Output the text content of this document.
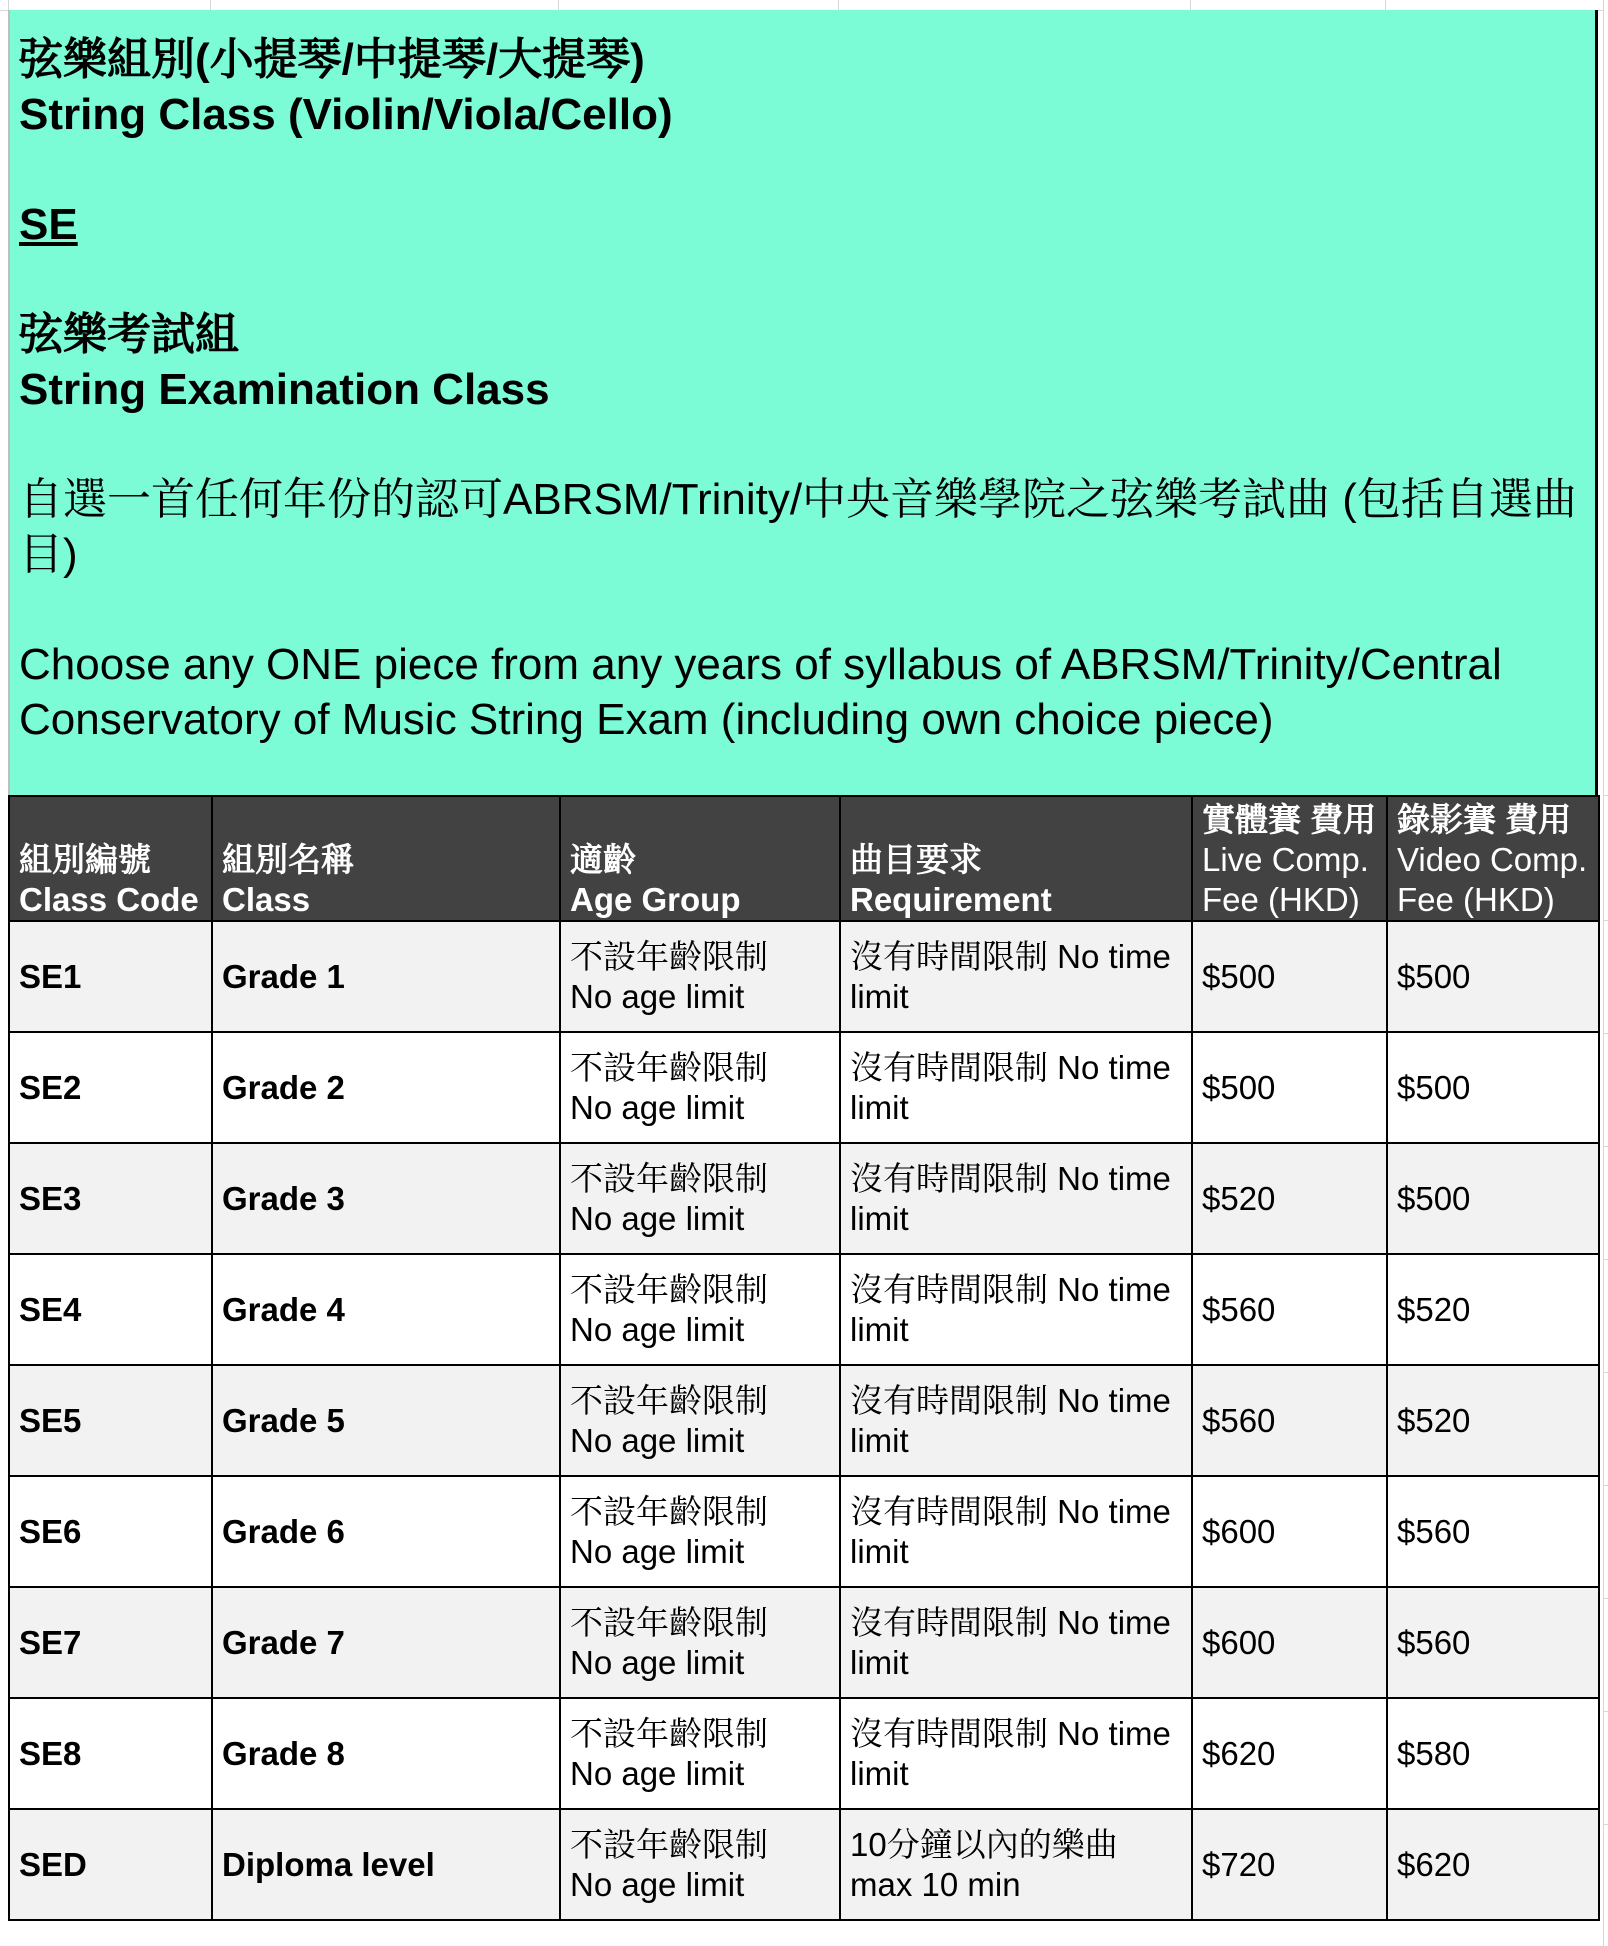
弦樂組別(小提琴/中提琴/大提琴)

String Class (Violin/Viola/Cello)

SE

弦樂考試組

String Examination Class

自選一首任何年份的認可ABRSM/Trinity/中央音樂學院之弦樂考試曲 (包括自選曲目)

Choose any ONE piece from any years of syllabus of ABRSM/Trinity/Central Conservatory of Music String Exam (including own choice piece)

組別編號
Class Code	組別名稱
Class	適齡
Age Group	曲目要求
Requirement	實體賽 費用
Live Comp.
Fee (HKD)	錄影賽 費用
Video Comp.
Fee (HKD)

SE1	Grade 1	不設年齡限制
No age limit	沒有時間限制 No time
limit	$500	$500
SE2	Grade 2	不設年齡限制
No age limit	沒有時間限制 No time
limit	$500	$500
SE3	Grade 3	不設年齡限制
No age limit	沒有時間限制 No time
limit	$520	$500
SE4	Grade 4	不設年齡限制
No age limit	沒有時間限制 No time
limit	$560	$520
SE5	Grade 5	不設年齡限制
No age limit	沒有時間限制 No time
limit	$560	$520
SE6	Grade 6	不設年齡限制
No age limit	沒有時間限制 No time
limit	$600	$560
SE7	Grade 7	不設年齡限制
No age limit	沒有時間限制 No time
limit	$600	$560
SE8	Grade 8	不設年齡限制
No age limit	沒有時間限制 No time
limit	$620	$580
SED	Diploma level	不設年齡限制
No age limit	10分鐘以內的樂曲
max 10 min	$720	$620
